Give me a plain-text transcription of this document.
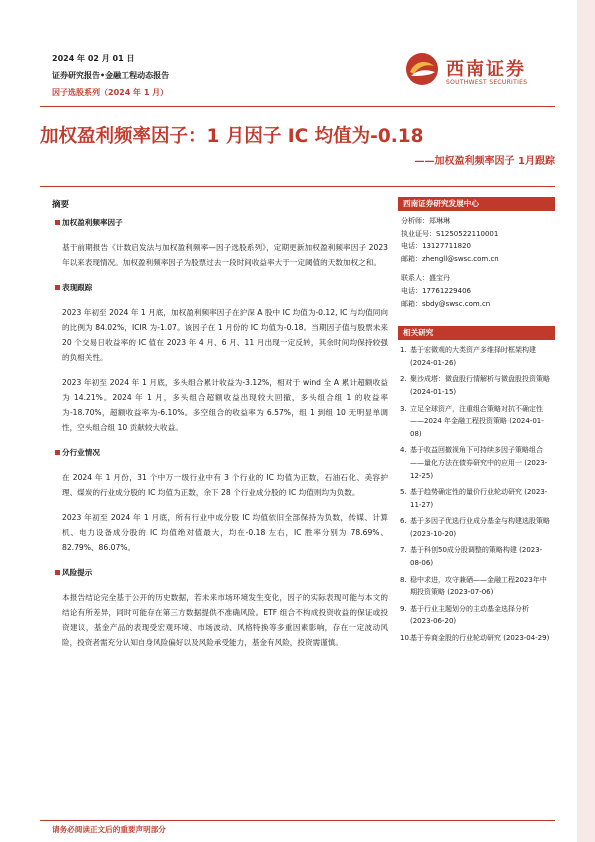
2024 年 02 月 01 日
证券研究报告•金融工程动态报告
因子选股系列（2024 年 1 月）
西南证券
SOUTHWEST SECURITIES
加权盈利频率因子：1 月因子 IC 均值为-0.18
——加权盈利频率因子 1月跟踪
摘要
加权盈利频率因子
基于前期报告《计数启发法与加权盈利频率—因子选股系列》，定期更新加权盈利频率因子 2023 年以来表现情况。加权盈利频率因子为股票过去一段时间收益率大于一定阈值的天数加权之和。
表现跟踪
2023 年初至 2024 年 1 月底，加权盈利频率因子在沪深 A 股中 IC 均值为-0.12, IC 与均值同向的比例为 84.02%，ICIR 为-1.07。该因子在 1 月份的 IC 均值为-0.18。当期因子值与股票未来 20 个交易日收益率的 IC 值在 2023 年 4 月、6 月、11 月出现一定反转，其余时间均保持较强的负相关性。
2023 年初至 2024 年 1 月底，多头组合累计收益为-3.12%，相对于 wind 全 A 累计超额收益为 14.21%。2024 年 1 月，多头组合超额收益出现较大回撤，多头组合组 1 的收益率为-18.70%，超额收益率为-6.10%。多空组合的收益率为 6.57%，组 1 到组 10 无明显单调性，空头组合组 10 贡献较大收益。
分行业情况
在 2024 年 1 月份，31 个中万一级行业中有 3 个行业的 IC 均值为正数，石油石化、美容护理、煤炭的行业成分股的 IC 均值为正数，余下 28 个行业成分股的 IC 均值则均为负数。
2023 年初至 2024 年 1 月底，所有行业中成分股 IC 均值依旧全部保持为负数，传媒、计算机、电力设备成分股的 IC 均值绝对值最大，均在-0.18 左右，IC 胜率分别为 78.69%、82.79%、86.07%。
风险提示
本报告结论完全基于公开的历史数据，若未来市场环境发生变化，因子的实际表现可能与本文的结论有所差异，同时可能存在第三方数据提供不准确风险。ETF 组合不构成投资收益的保证或投资建议，基金产品的表现受宏观环境、市场波动、风格特换等多重因素影响，存在一定波动风险，投资者需充分认知自身风险偏好以及风险承受能力，基金有风险，投资需谨慎。
西南证券研究发展中心
分析师：郑琳琳
执业证号：S1250522110001
电话：13127711820
邮箱：zhengll@swsc.com.cn
联系人：盛宝丹
电话：17761229406
邮箱：sbdy@swsc.com.cn
相关研究
1. 基于宏微观的大类资产多维择时框架构建 (2024-01-26)
2. 聚沙成塔：微盘股行情解析与微盘股投资策略 (2024-01-15)
3. 立足全球资产，注重组合策略对抗不确定性——2024 年金融工程投资策略 (2024-01-08)
4. 基于收益回撤视角下可持续多因子策略组合——量化方法在债券研究中的应用一 (2023-12-25)
5. 基于趋势确定性的量价行业轮动研究 (2023-11-27)
6. 基于多因子优选行业成分基金与构建选股策略 (2023-10-20)
7. 基于科创50成分股调整的策略构建 (2023-08-06)
8. 稳中求进，攻守兼硒——金融工程2023年中期投资策略 (2023-07-06)
9. 基于行业主题划分的主动基金选择分析 (2023-06-20)
10.
基于券商金股的行业轮动研究 (2023-04-29)
请务必阅读正文后的重要声明部分
